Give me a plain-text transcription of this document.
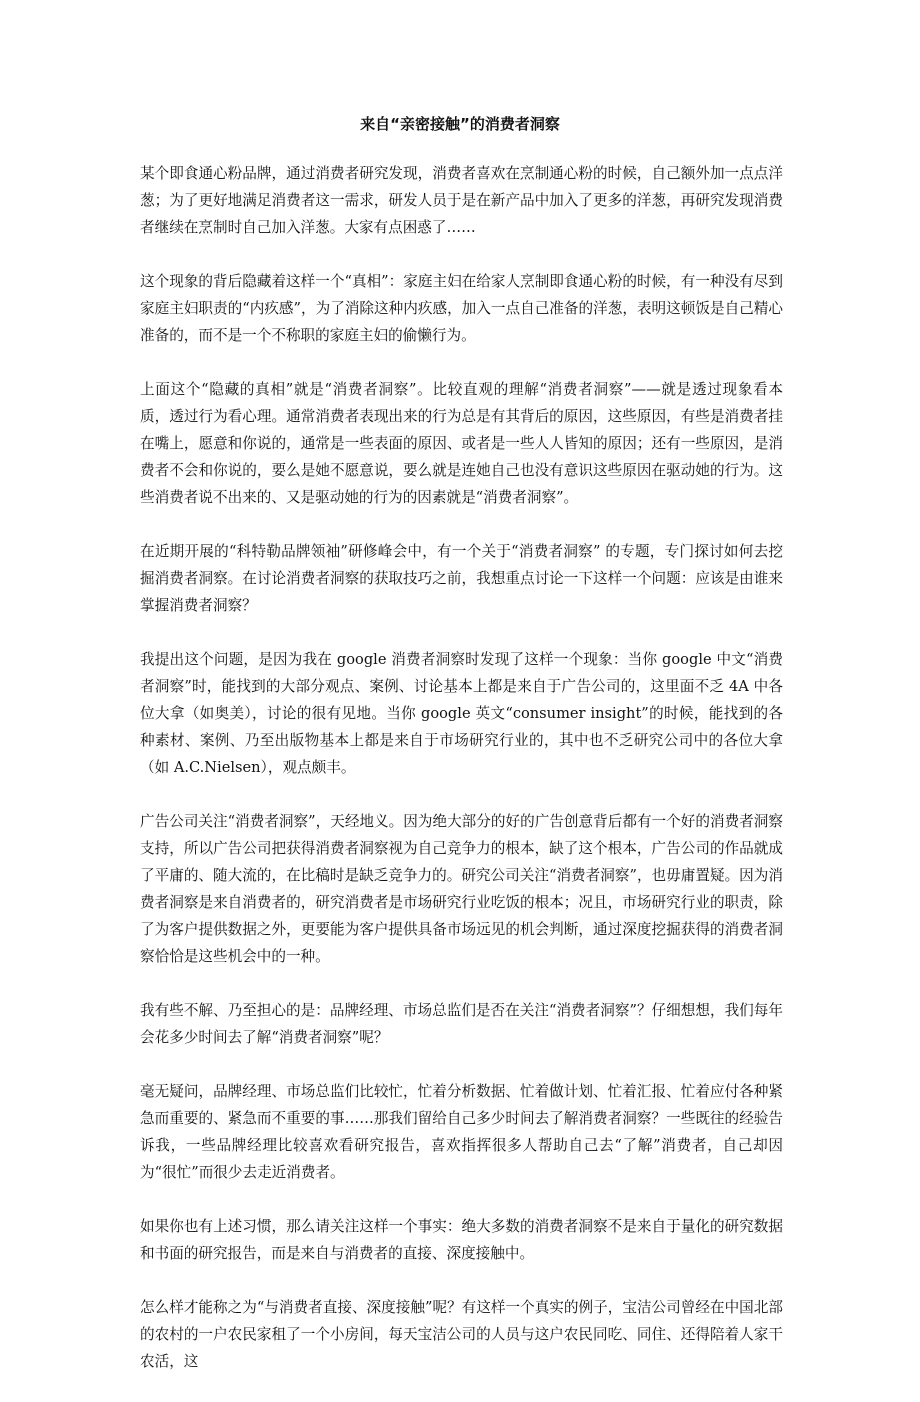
来自“亲密接触”的消费者洞察

某个即食通心粉品牌，通过消费者研究发现，消费者喜欢在烹制通心粉的时候，自己额外加一点点洋葱；为了更好地满足消费者这一需求，研发人员于是在新产品中加入了更多的洋葱，再研究发现消费者继续在烹制时自己加入洋葱。大家有点困惑了……

这个现象的背后隐藏着这样一个“真相”：家庭主妇在给家人烹制即食通心粉的时候，有一种没有尽到家庭主妇职责的“内疚感”，为了消除这种内疚感，加入一点自己准备的洋葱，表明这顿饭是自己精心准备的，而不是一个不称职的家庭主妇的偷懒行为。

上面这个“隐藏的真相”就是“消费者洞察”。比较直观的理解“消费者洞察”——就是透过现象看本质，透过行为看心理。通常消费者表现出来的行为总是有其背后的原因，这些原因，有些是消费者挂在嘴上，愿意和你说的，通常是一些表面的原因、或者是一些人人皆知的原因；还有一些原因，是消费者不会和你说的，要么是她不愿意说，要么就是连她自己也没有意识这些原因在驱动她的行为。这些消费者说不出来的、又是驱动她的行为的因素就是“消费者洞察”。

在近期开展的“科特勒品牌领袖”研修峰会中，有一个关于“消费者洞察” 的专题，专门探讨如何去挖掘消费者洞察。在讨论消费者洞察的获取技巧之前，我想重点讨论一下这样一个问题：应该是由谁来掌握消费者洞察？

我提出这个问题，是因为我在 google 消费者洞察时发现了这样一个现象：当你 google 中文“消费者洞察”时，能找到的大部分观点、案例、讨论基本上都是来自于广告公司的，这里面不乏 4A 中各位大拿（如奥美），讨论的很有见地。当你 google 英文“consumer insight”的时候，能找到的各种素材、案例、乃至出版物基本上都是来自于市场研究行业的，其中也不乏研究公司中的各位大拿（如 A.C.Nielsen），观点颇丰。

广告公司关注“消费者洞察”，天经地义。因为绝大部分的好的广告创意背后都有一个好的消费者洞察支持，所以广告公司把获得消费者洞察视为自己竞争力的根本，缺了这个根本，广告公司的作品就成了平庸的、随大流的，在比稿时是缺乏竞争力的。研究公司关注“消费者洞察”，也毋庸置疑。因为消费者洞察是来自消费者的，研究消费者是市场研究行业吃饭的根本；况且，市场研究行业的职责，除了为客户提供数据之外，更要能为客户提供具备市场远见的机会判断，通过深度挖掘获得的消费者洞察恰恰是这些机会中的一种。

我有些不解、乃至担心的是：品牌经理、市场总监们是否在关注“消费者洞察”？仔细想想，我们每年会花多少时间去了解“消费者洞察”呢？

毫无疑问，品牌经理、市场总监们比较忙，忙着分析数据、忙着做计划、忙着汇报、忙着应付各种紧急而重要的、紧急而不重要的事……那我们留给自己多少时间去了解消费者洞察？一些既往的经验告诉我，一些品牌经理比较喜欢看研究报告，喜欢指挥很多人帮助自己去“了解”消费者，自己却因为“很忙”而很少去走近消费者。

如果你也有上述习惯，那么请关注这样一个事实：绝大多数的消费者洞察不是来自于量化的研究数据和书面的研究报告，而是来自与消费者的直接、深度接触中。

怎么样才能称之为“与消费者直接、深度接触”呢？有这样一个真实的例子，宝洁公司曾经在中国北部的农村的一户农民家租了一个小房间，每天宝洁公司的人员与这户农民同吃、同住、还得陪着人家干农活，这
